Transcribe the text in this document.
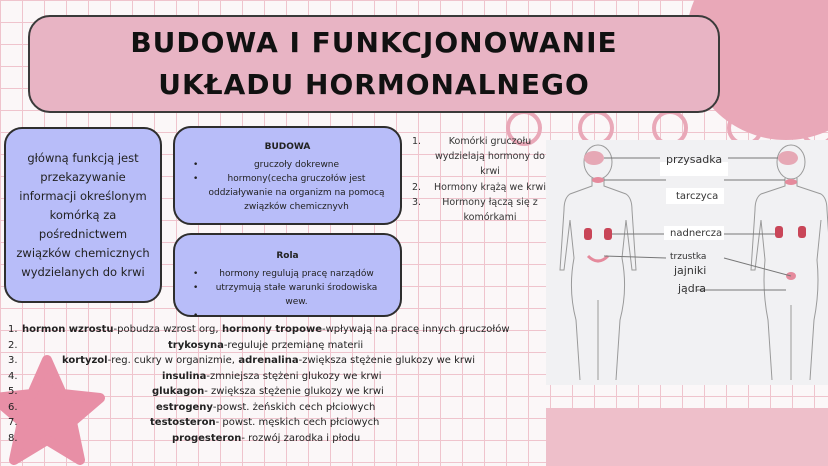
BUDOWA I FUNKCJONOWANIE UKŁADU HORMONALNEGO

główną funkcją jest przekazywanie informacji określonym komórką za pośrednictwem związków chemicznych wydzielanych do krwi

BUDOWA
• gruczoły dokrewne
• hormony(cecha gruczołów jest oddziaływanie na organizm na pomocą związków chemicznyvh
Rola
• hormony regulują pracę narządów
• utrzymują stałe warunki środowiska wew.
1.	Komórki gruczołu wydzielają hormony do krwi
2. Hormony krążą we krwi
3. Hormony łączą się z komórkami
przysadka
tarczyca
nadnercza
trzustka
jajniki
jądra
1. hormon wzrostu-pobudza wzrost org, hormony tropowe-wpływają na pracę innych gruczołów
2.	trykosyna-reguluje przemianę materii
3.	kortyzol-reg. cukry w organizmie, adrenalina-zwiększa stężenie glukozy we krwi
4.	insulina-zmniejsza stężeni glukozy we krwi
5.	glukagon- zwiększa stężenie glukozy we krwi
6.	estrogeny-powst. żeńskich cech płciowych
7.	testosteron- powst. męskich cech płciowych
8.	progesteron- rozwój zarodka i płodu
